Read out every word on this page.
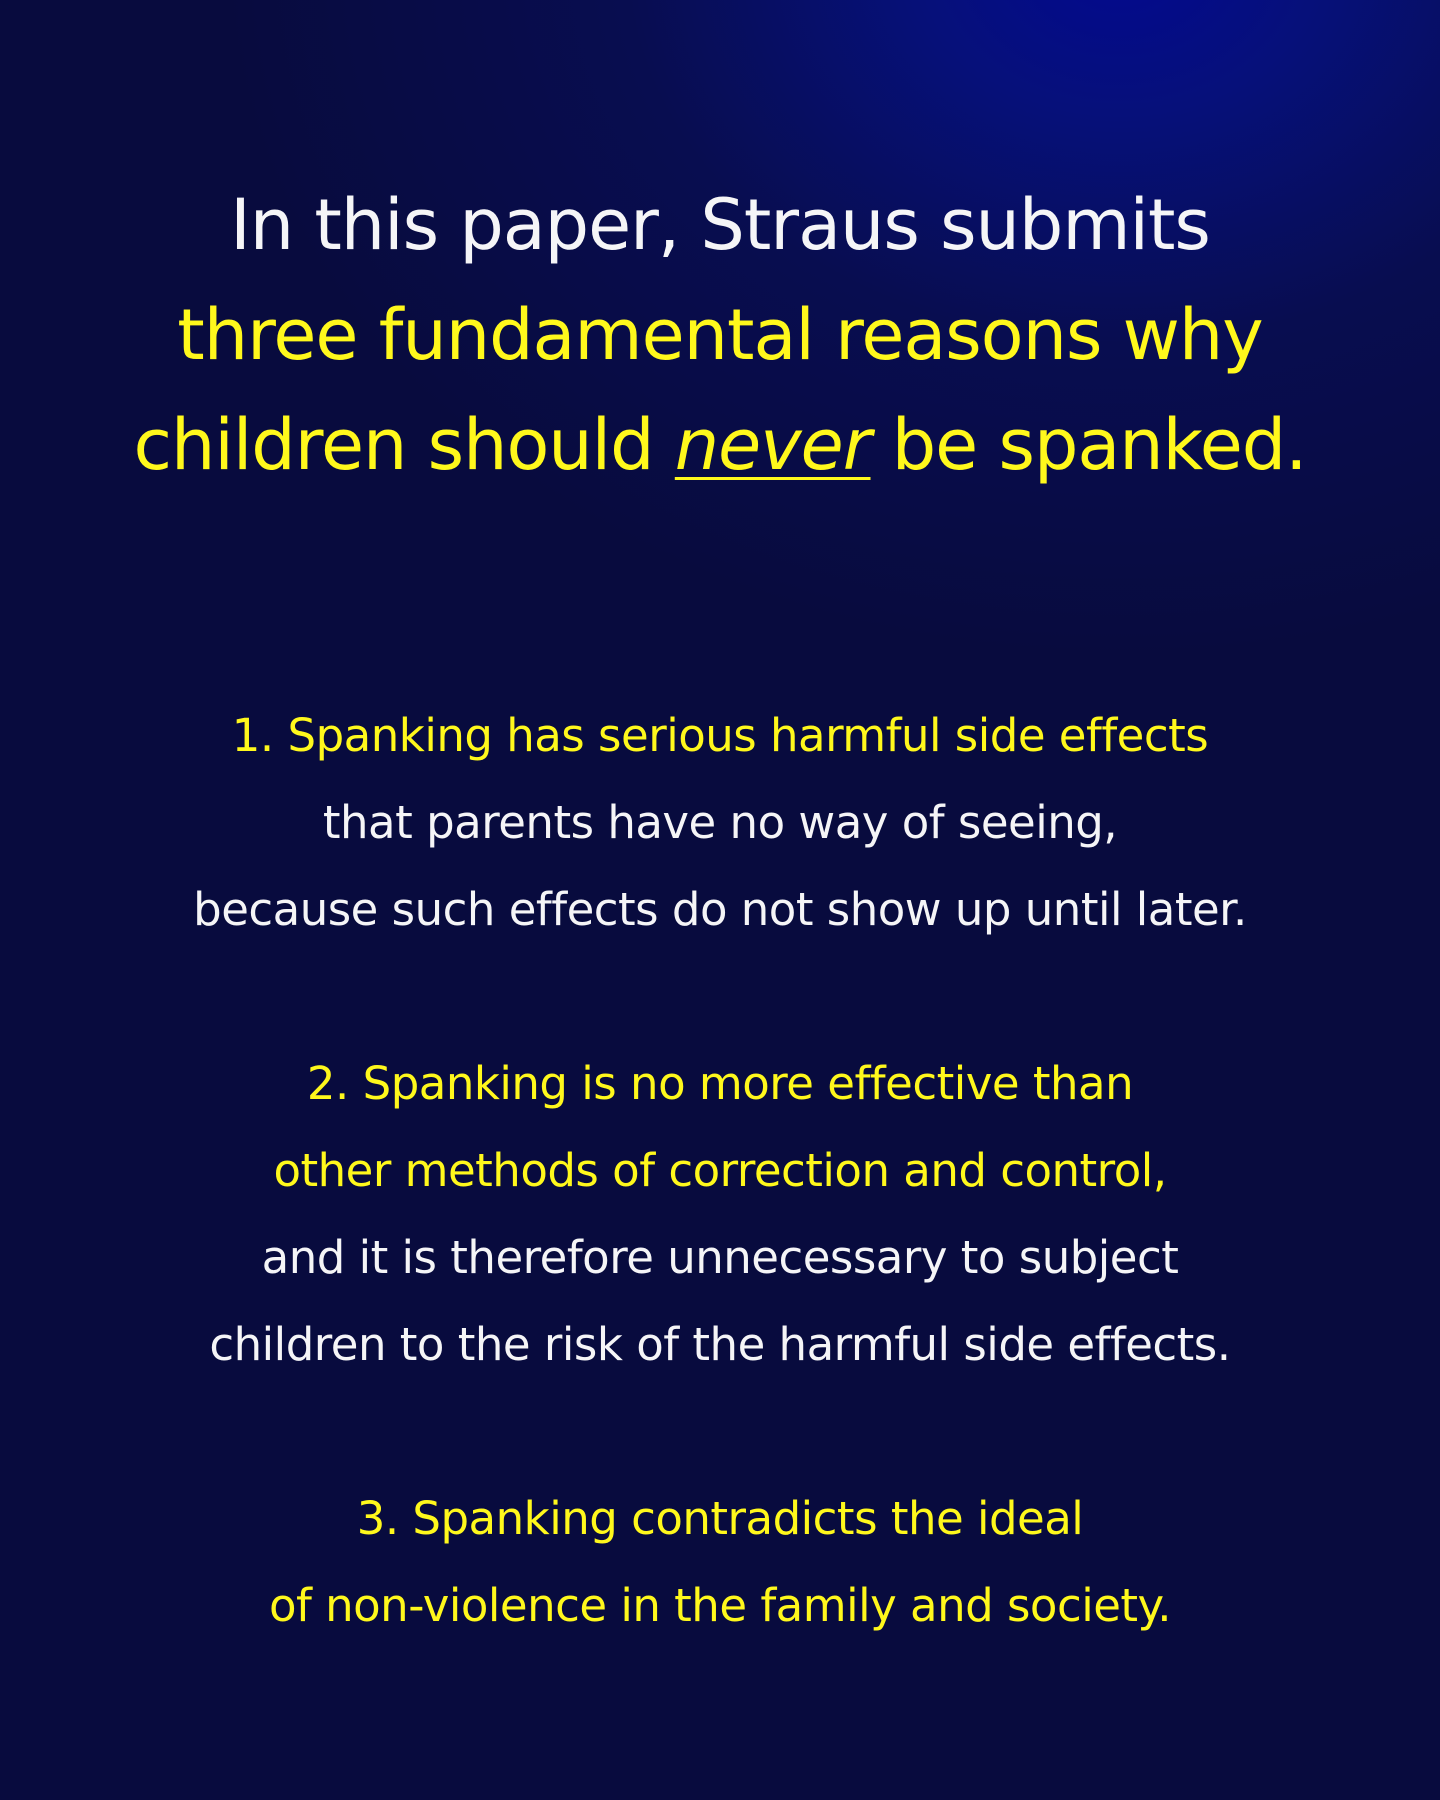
In this paper, Straus submits
three fundamental reasons why
children should never be spanked.
1. Spanking has serious harmful side effects
that parents have no way of seeing,
because such effects do not show up until later.
2. Spanking is no more effective than
other methods of correction and control,
and it is therefore unnecessary to subject
children to the risk of the harmful side effects.
3. Spanking contradicts the ideal
of non-violence in the family and society.
